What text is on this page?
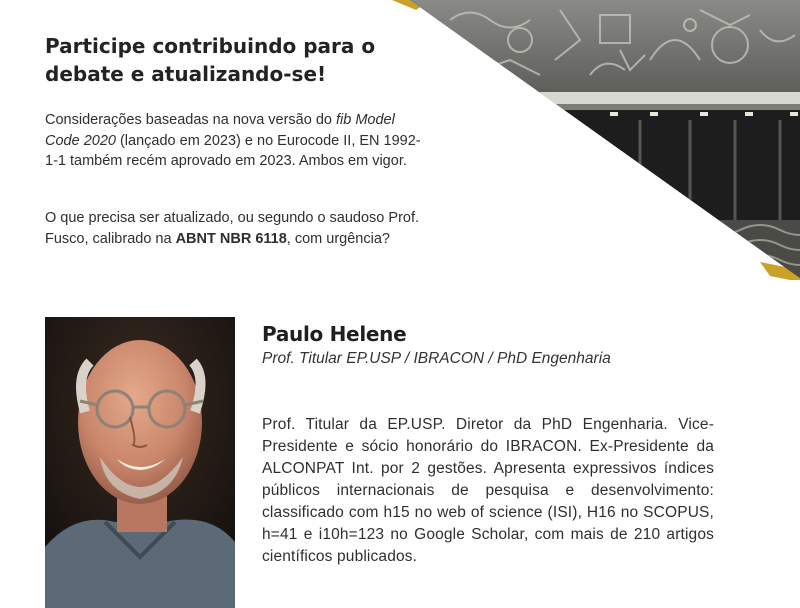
Participe contribuindo para o debate e atualizando-se!

Considerações baseadas na nova versão do fib Model Code 2020 (lançado em 2023) e no Eurocode II, EN 1992-1-1 também recém aprovado em 2023. Ambos em vigor.

O que precisa ser atualizado, ou segundo o saudoso Prof. Fusco, calibrado na ABNT NBR 6118, com urgência?

Paulo Helene

Prof. Titular EP.USP / IBRACON / PhD Engenharia

Prof. Titular da EP.USP. Diretor da PhD Engenharia. Vice-Presidente e sócio honorário do IBRACON. Ex-Presidente da ALCONPAT Int. por 2 gestões. Apresenta expressivos índices públicos internacionais de pesquisa e desenvolvimento: classificado com h15 no web of science (ISI), H16 no SCOPUS, h=41 e i10h=123 no Google Scholar, com mais de 210 artigos científicos publicados.
